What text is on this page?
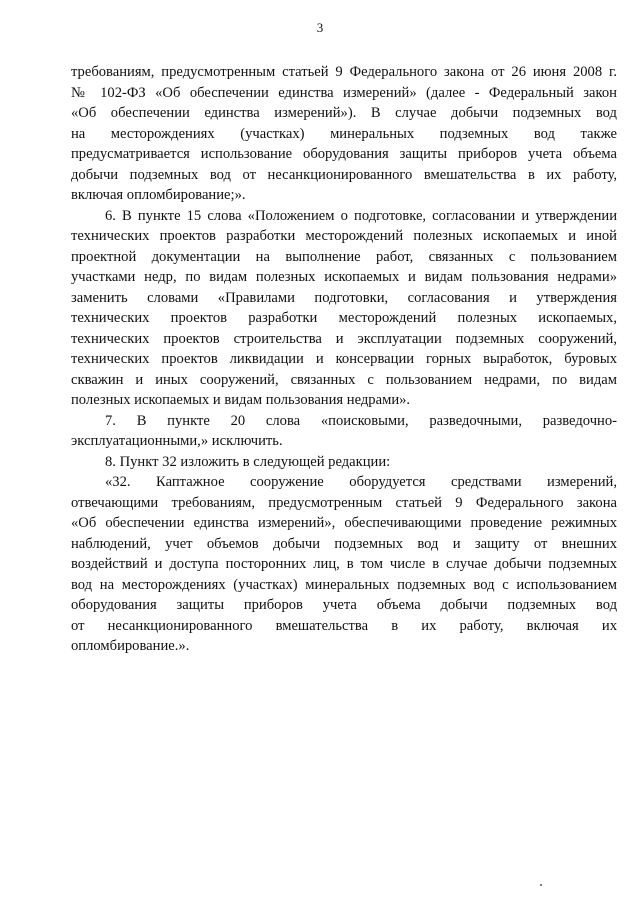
3
требованиям, предусмотренным статьей 9 Федерального закона от 26 июня 2008 г.
№ 102-ФЗ «Об обеспечении единства измерений» (далее - Федеральный закон
«Об обеспечении единства измерений»). В случае добычи подземных вод
на месторождениях (участках) минеральных подземных вод также
предусматривается использование оборудования защиты приборов учета объема
добычи подземных вод от несанкционированного вмешательства в их работу,
включая опломбирование;».
6. В пункте 15 слова «Положением о подготовке, согласовании и утверждении
технических проектов разработки месторождений полезных ископаемых и иной
проектной документации на выполнение работ, связанных с пользованием
участками недр, по видам полезных ископаемых и видам пользования недрами»
заменить словами «Правилами подготовки, согласования и утверждения
технических проектов разработки месторождений полезных ископаемых,
технических проектов строительства и эксплуатации подземных сооружений,
технических проектов ликвидации и консервации горных выработок, буровых
скважин и иных сооружений, связанных с пользованием недрами, по видам
полезных ископаемых и видам пользования недрами».
7. В пункте 20 слова «поисковыми, разведочными, разведочно-
эксплуатационными,» исключить.
8. Пункт 32 изложить в следующей редакции:
«32. Каптажное сооружение оборудуется средствами измерений,
отвечающими требованиям, предусмотренным статьей 9 Федерального закона
«Об обеспечении единства измерений», обеспечивающими проведение режимных
наблюдений, учет объемов добычи подземных вод и защиту от внешних
воздействий и доступа посторонних лиц, в том числе в случае добычи подземных
вод на месторождениях (участках) минеральных подземных вод с использованием
оборудования защиты приборов учета объема добычи подземных вод
от несанкционированного вмешательства в их работу, включая их
опломбирование.».
